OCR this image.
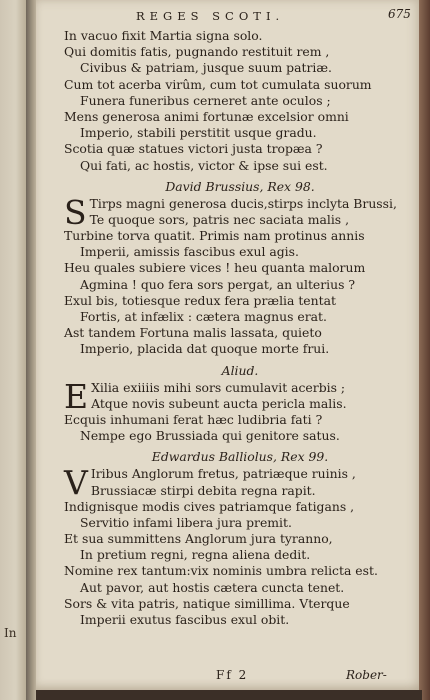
In
REGES SCOTI.	675
In vacuo fixit Martia signa solo.
Qui domitis fatis, pugnando restituit rem ,
Civibus & patriam, jusque suum patriæ.
Cum tot acerba virûm, cum tot cumulata suorum
Funera funeribus cerneret ante oculos ;
Mens generosa animi fortunæ excelsior omni
Imperio, stabili perstitit usque gradu.
Scotia quæ statues victori justa tropæa ?
Qui fati, ac hostis, victor & ipse sui est.
David Brussius, Rex 98.
S Tirps magni generosa ducis,stirps inclyta Brussi,
Te quoque sors, patris nec saciata malis ,
Turbine torva quatit. Primis nam protinus annis
Imperii, amissis fascibus exul agis.
Heu quales subiere vices ! heu quanta malorum
Agmina ! quo fera sors pergat, an ulterius ?
Exul bis, totiesque redux fera prælia tentat
Fortis, at infælix : cætera magnus erat.
Ast tandem Fortuna malis lassata, quieto
Imperio, placida dat quoque morte frui.
Aliud.
E Xilia exiiiis mihi sors cumulavit acerbis ;
Atque novis subeunt aucta pericla malis.
Ecquis inhumani ferat hæc ludibria fati ?
Nempe ego Brussiada qui genitore satus.
Edwardus Balliolus, Rex 99.
V Iribus Anglorum fretus, patriæque ruinis ,
Brussiacæ stirpi debita regna rapit.
Indignisque modis cives patriamque fatigans ,
Servitio infami libera jura premit.
Et sua summittens Anglorum jura tyranno,
In pretium regni, regna aliena dedit.
Nomine rex tantum:vix nominis umbra relicta est.
Aut pavor, aut hostis cætera cuncta tenet.
Sors & vita patris, natique simillima. Vterque
Imperii exutus fascibus exul obit.
Ff 2	Rober-
